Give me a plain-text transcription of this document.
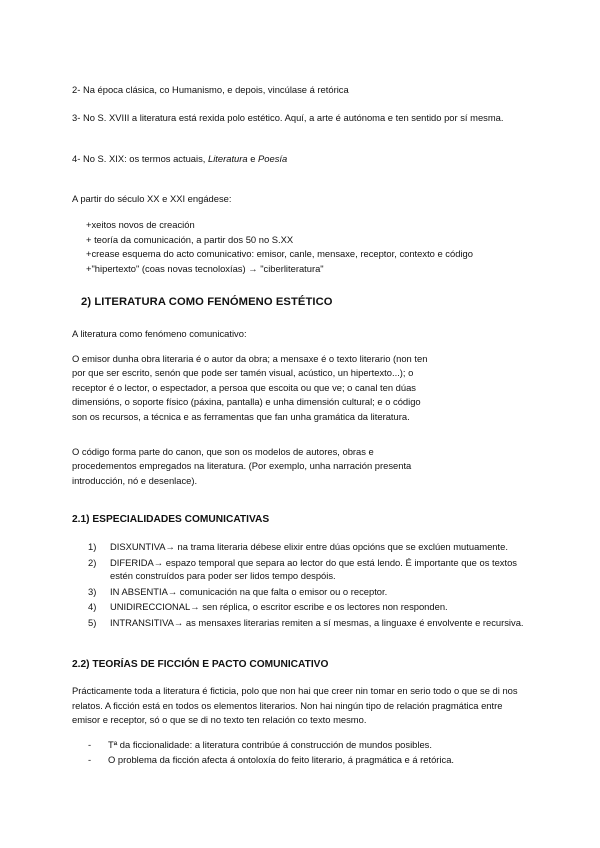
2- Na época clásica, co Humanismo, e depois, vincúlase á retórica

3- No S. XVIII a literatura está rexida polo estético. Aquí, a arte é autónoma e ten sentido por sí mesma.

4- No S. XIX: os termos actuais, Literatura e Poesía

A partir do século XX e XXI engádese:

+xeitos novos de creación
+ teoría da comunicación, a partir dos 50 no S.XX
+crease esquema do acto comunicativo: emisor, canle, mensaxe, receptor, contexto e código
+"hipertexto" (coas novas tecnoloxías) → "ciberliteratura"
2) LITERATURA COMO FENÓMENO ESTÉTICO

A literatura como fenómeno comunicativo:

O emisor dunha obra literaria é o autor da obra; a mensaxe é o texto literario (non ten por que ser escrito, senón que pode ser tamén visual, acústico, un hipertexto...); o receptor é o lector, o espectador, a persoa que escoita ou que ve; o canal ten dúas dimensións, o soporte físico (páxina, pantalla) e unha dimensión cultural; e o código son os recursos, a técnica e as ferramentas que fan unha gramática da literatura.

O código forma parte do canon, que son os modelos de autores, obras e procedementos empregados na literatura. (Por exemplo, unha narración presenta introducción, nó e desenlace).

2.1) ESPECIALIDADES COMUNICATIVAS
1) DISXUNTIVA→ na trama literaria débese elixir entre dúas opcións que se exclúen mutuamente.
2) DIFERIDA→ espazo temporal que separa ao lector do que está lendo. É importante que os textos estén construídos para poder ser lidos tempo despóis.
3) IN ABSENTIA→ comunicación na que falta o emisor ou o receptor.
4) UNIDIRECCIONAL→ sen réplica, o escritor escribe e os lectores non responden.
5) INTRANSITIVA→ as mensaxes literarias remiten a sí mesmas, a linguaxe é envolvente e recursiva.
2.2) TEORÍAS DE FICCIÓN E PACTO COMUNICATIVO

Prácticamente toda a literatura é ficticia, polo que non hai que creer nin tomar en serio todo o que se di nos relatos. A ficción está en todos os elementos literarios. Non hai ningún tipo de relación pragmática entre emisor e receptor, só o que se di no texto ten relación co texto mesmo.

- Tª da ficcionalidade: a literatura contribúe á construcción de mundos posibles.
- O problema da ficción afecta á ontoloxía do feito literario, á pragmática e á retórica.
